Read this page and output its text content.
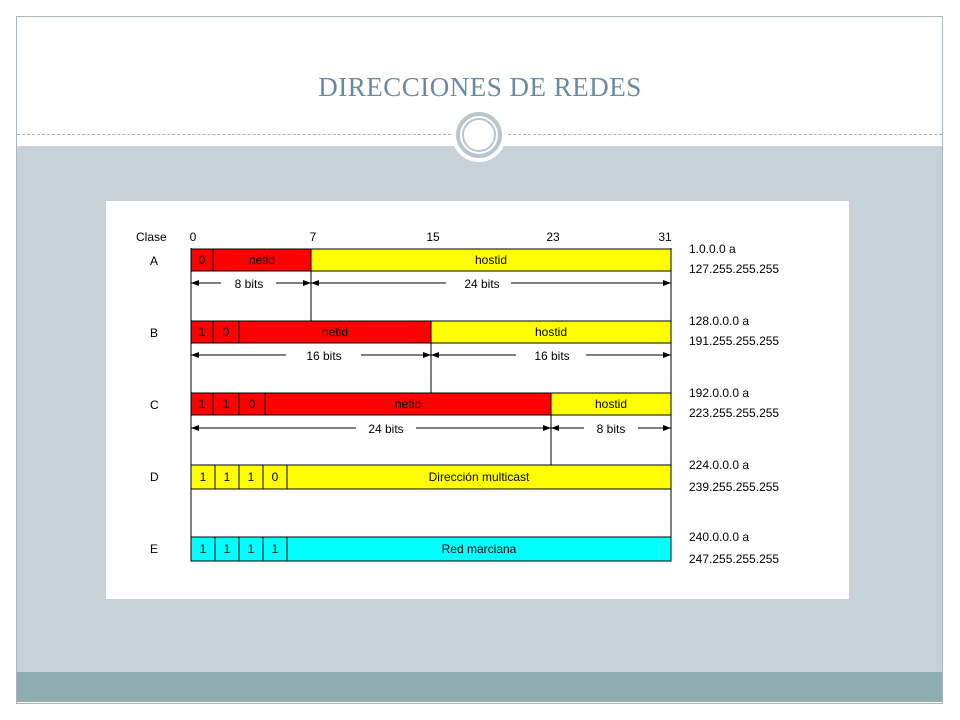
DIRECCIONES DE REDES
Clase 0	7	15	23	31
A	0	netid	hostid
8 bits	24 bits
1.0.0.0 a
127.255.255.255
B	1 0	netid	hostid
16 bits	16 bits
128.0.0.0 a
191.255.255.255
C	1 1 0	netid	hostid
24 bits	8 bits
192.0.0.0 a
223.255.255.255
D	1 1 1 0	Dirección multicast
224.0.0.0 a
239.255.255.255
E	1 1 1 1	Red marciana
240.0.0.0 a
247.255.255.255
